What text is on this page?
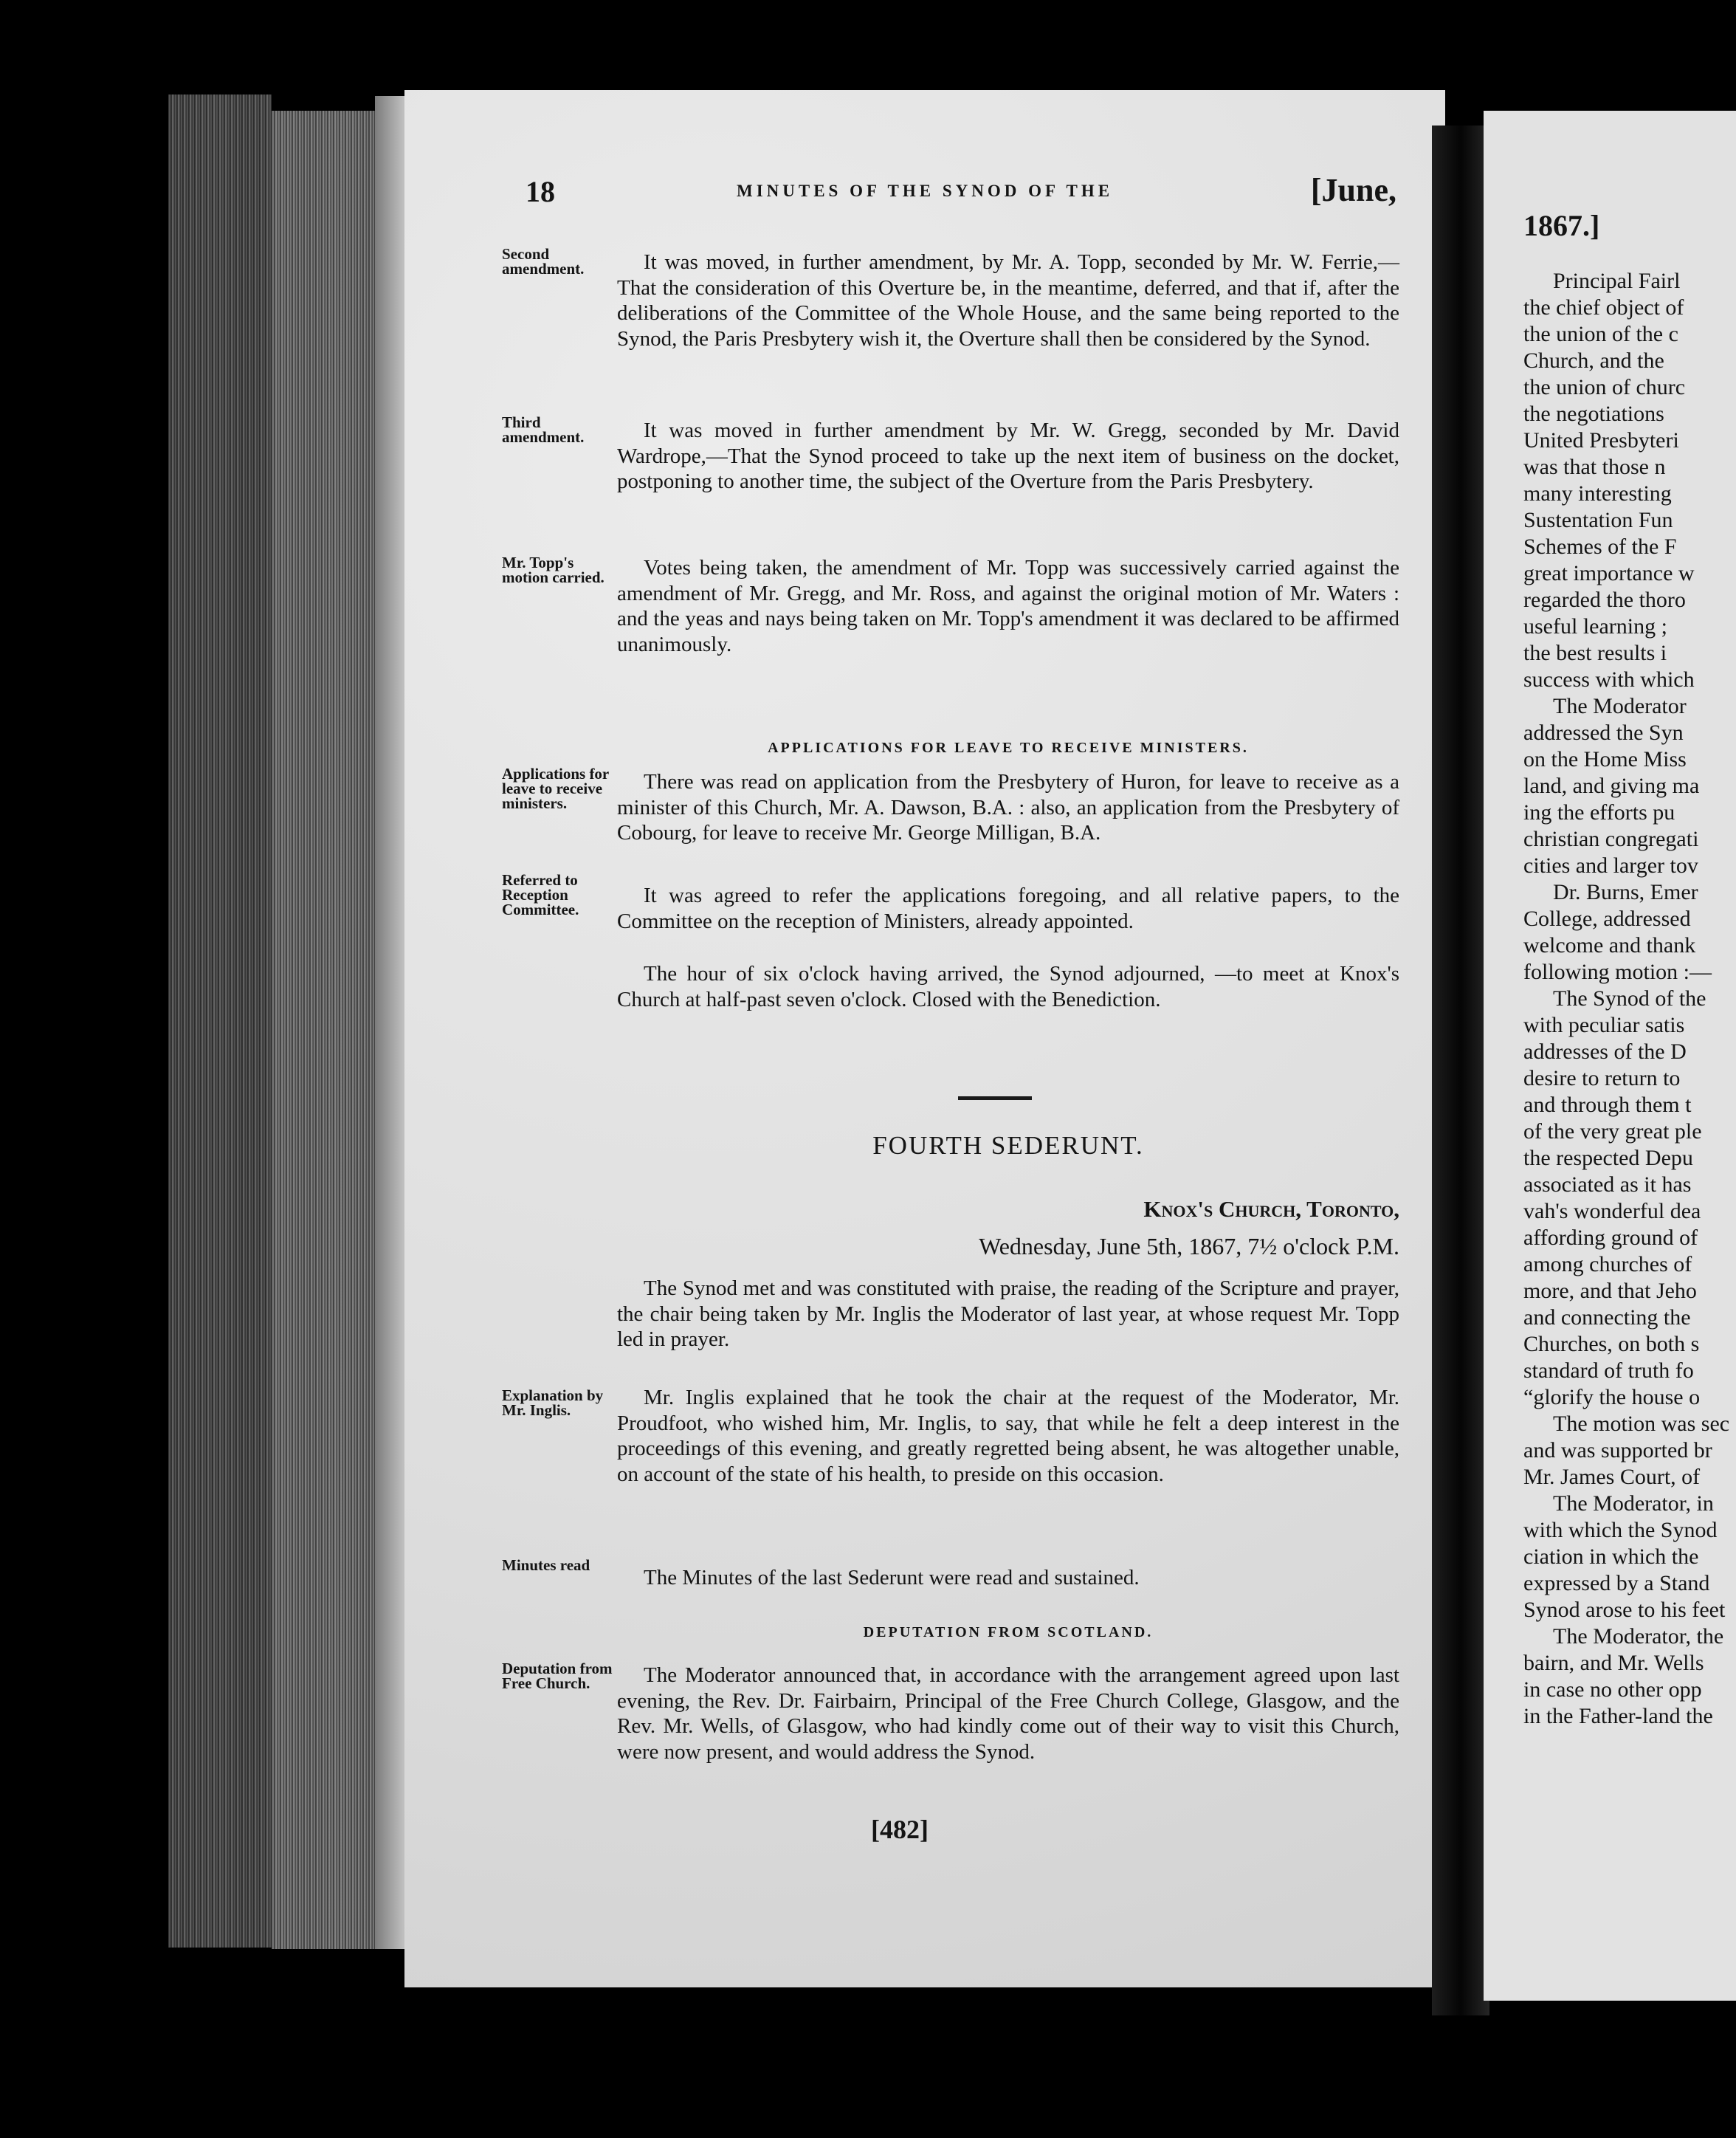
18	MINUTES OF THE SYNOD OF THE	[June,
Second amendment.	It was moved, in further amendment, by Mr. A. Topp, seconded by Mr. W. Ferrie,—That the consideration of this Overture be, in the meantime, deferred, and that if, after the deliberations of the Committee of the Whole House, and the same being reported to the Synod, the Paris Presbytery wish it, the Overture shall then be considered by the Synod.

Third amendment.	It was moved in further amendment by Mr. W. Gregg, seconded by Mr. David Wardrope,—That the Synod proceed to take up the next item of business on the docket, postponing to another time, the subject of the Overture from the Paris Presbytery.

Mr. Topp's motion carried.	Votes being taken, the amendment of Mr. Topp was successively carried against the amendment of Mr. Gregg, and Mr. Ross, and against the original motion of Mr. Waters : and the yeas and nays being taken on Mr. Topp's amendment it was declared to be affirmed unanimously.

APPLICATIONS FOR LEAVE TO RECEIVE MINISTERS.
Applications for leave to receive ministers.

There was read on application from the Presbytery of Huron, for leave to receive as a minister of this Church, Mr. A. Dawson, B.A. : also, an application from the Presbytery of Cobourg, for leave to receive Mr. George Milligan, B.A.

Referred to Reception Committee.

It was agreed to refer the applications foregoing, and all relative papers, to the Committee on the reception of Ministers, already appointed.

The hour of six o'clock having arrived, the Synod adjourned, —to meet at Knox's Church at half-past seven o'clock. Closed with the Benediction.

FOURTH SEDERUNT.
Knox's Church, Toronto,
Wednesday, June 5th, 1867, 7½ o'clock P.M.

The Synod met and was constituted with praise, the reading of the Scripture and prayer, the chair being taken by Mr. Inglis the Moderator of last year, at whose request Mr. Topp led in prayer.

Explanation by Mr. Inglis.

Mr. Inglis explained that he took the chair at the request of the Moderator, Mr. Proudfoot, who wished him, Mr. Inglis, to say, that while he felt a deep interest in the proceedings of this evening, and greatly regretted being absent, he was altogether unable, on account of the state of his health, to preside on this occasion.

Minutes read

The Minutes of the last Sederunt were read and sustained.

DEPUTATION FROM SCOTLAND.
Deputation from Free Church.	The Moderator announced that, in accordance with the arrangement agreed upon last evening, the Rev. Dr. Fairbairn, Principal of the Free Church College, Glasgow, and the Rev. Mr. Wells, of Glasgow, who had kindly come out of their way to visit this Church, were now present, and would address the Synod.

[482]

1867.]

Principal Fairl

the chief object of

the union of the c

Church, and the

the union of churc

the negotiations

United Presbyteri

was that those n

many interesting

Sustentation Fun

Schemes of the F

great importance w

regarded the thoro

useful learning ;

the best results i

success with which

The Moderator

addressed the Syn

on the Home Miss

land, and giving ma

ing the efforts pu

christian congregati

cities and larger tov

Dr. Burns, Emer

College, addressed

welcome and thank

following motion :—

The Synod of the

with peculiar satis

addresses of the D

desire to return to

and through them t

of the very great ple

the respected Depu

associated as it has

vah's wonderful dea

affording ground of

among churches of

more, and that Jeho

and connecting the

Churches, on both s

standard of truth fo

“glorify the house o

The motion was sec

and was supported br

Mr. James Court, of

The Moderator, in

with which the Synod

ciation in which the

expressed by a Stand

Synod arose to his feet

The Moderator, the

bairn, and Mr. Wells

in case no other opp

in the Father-land the
